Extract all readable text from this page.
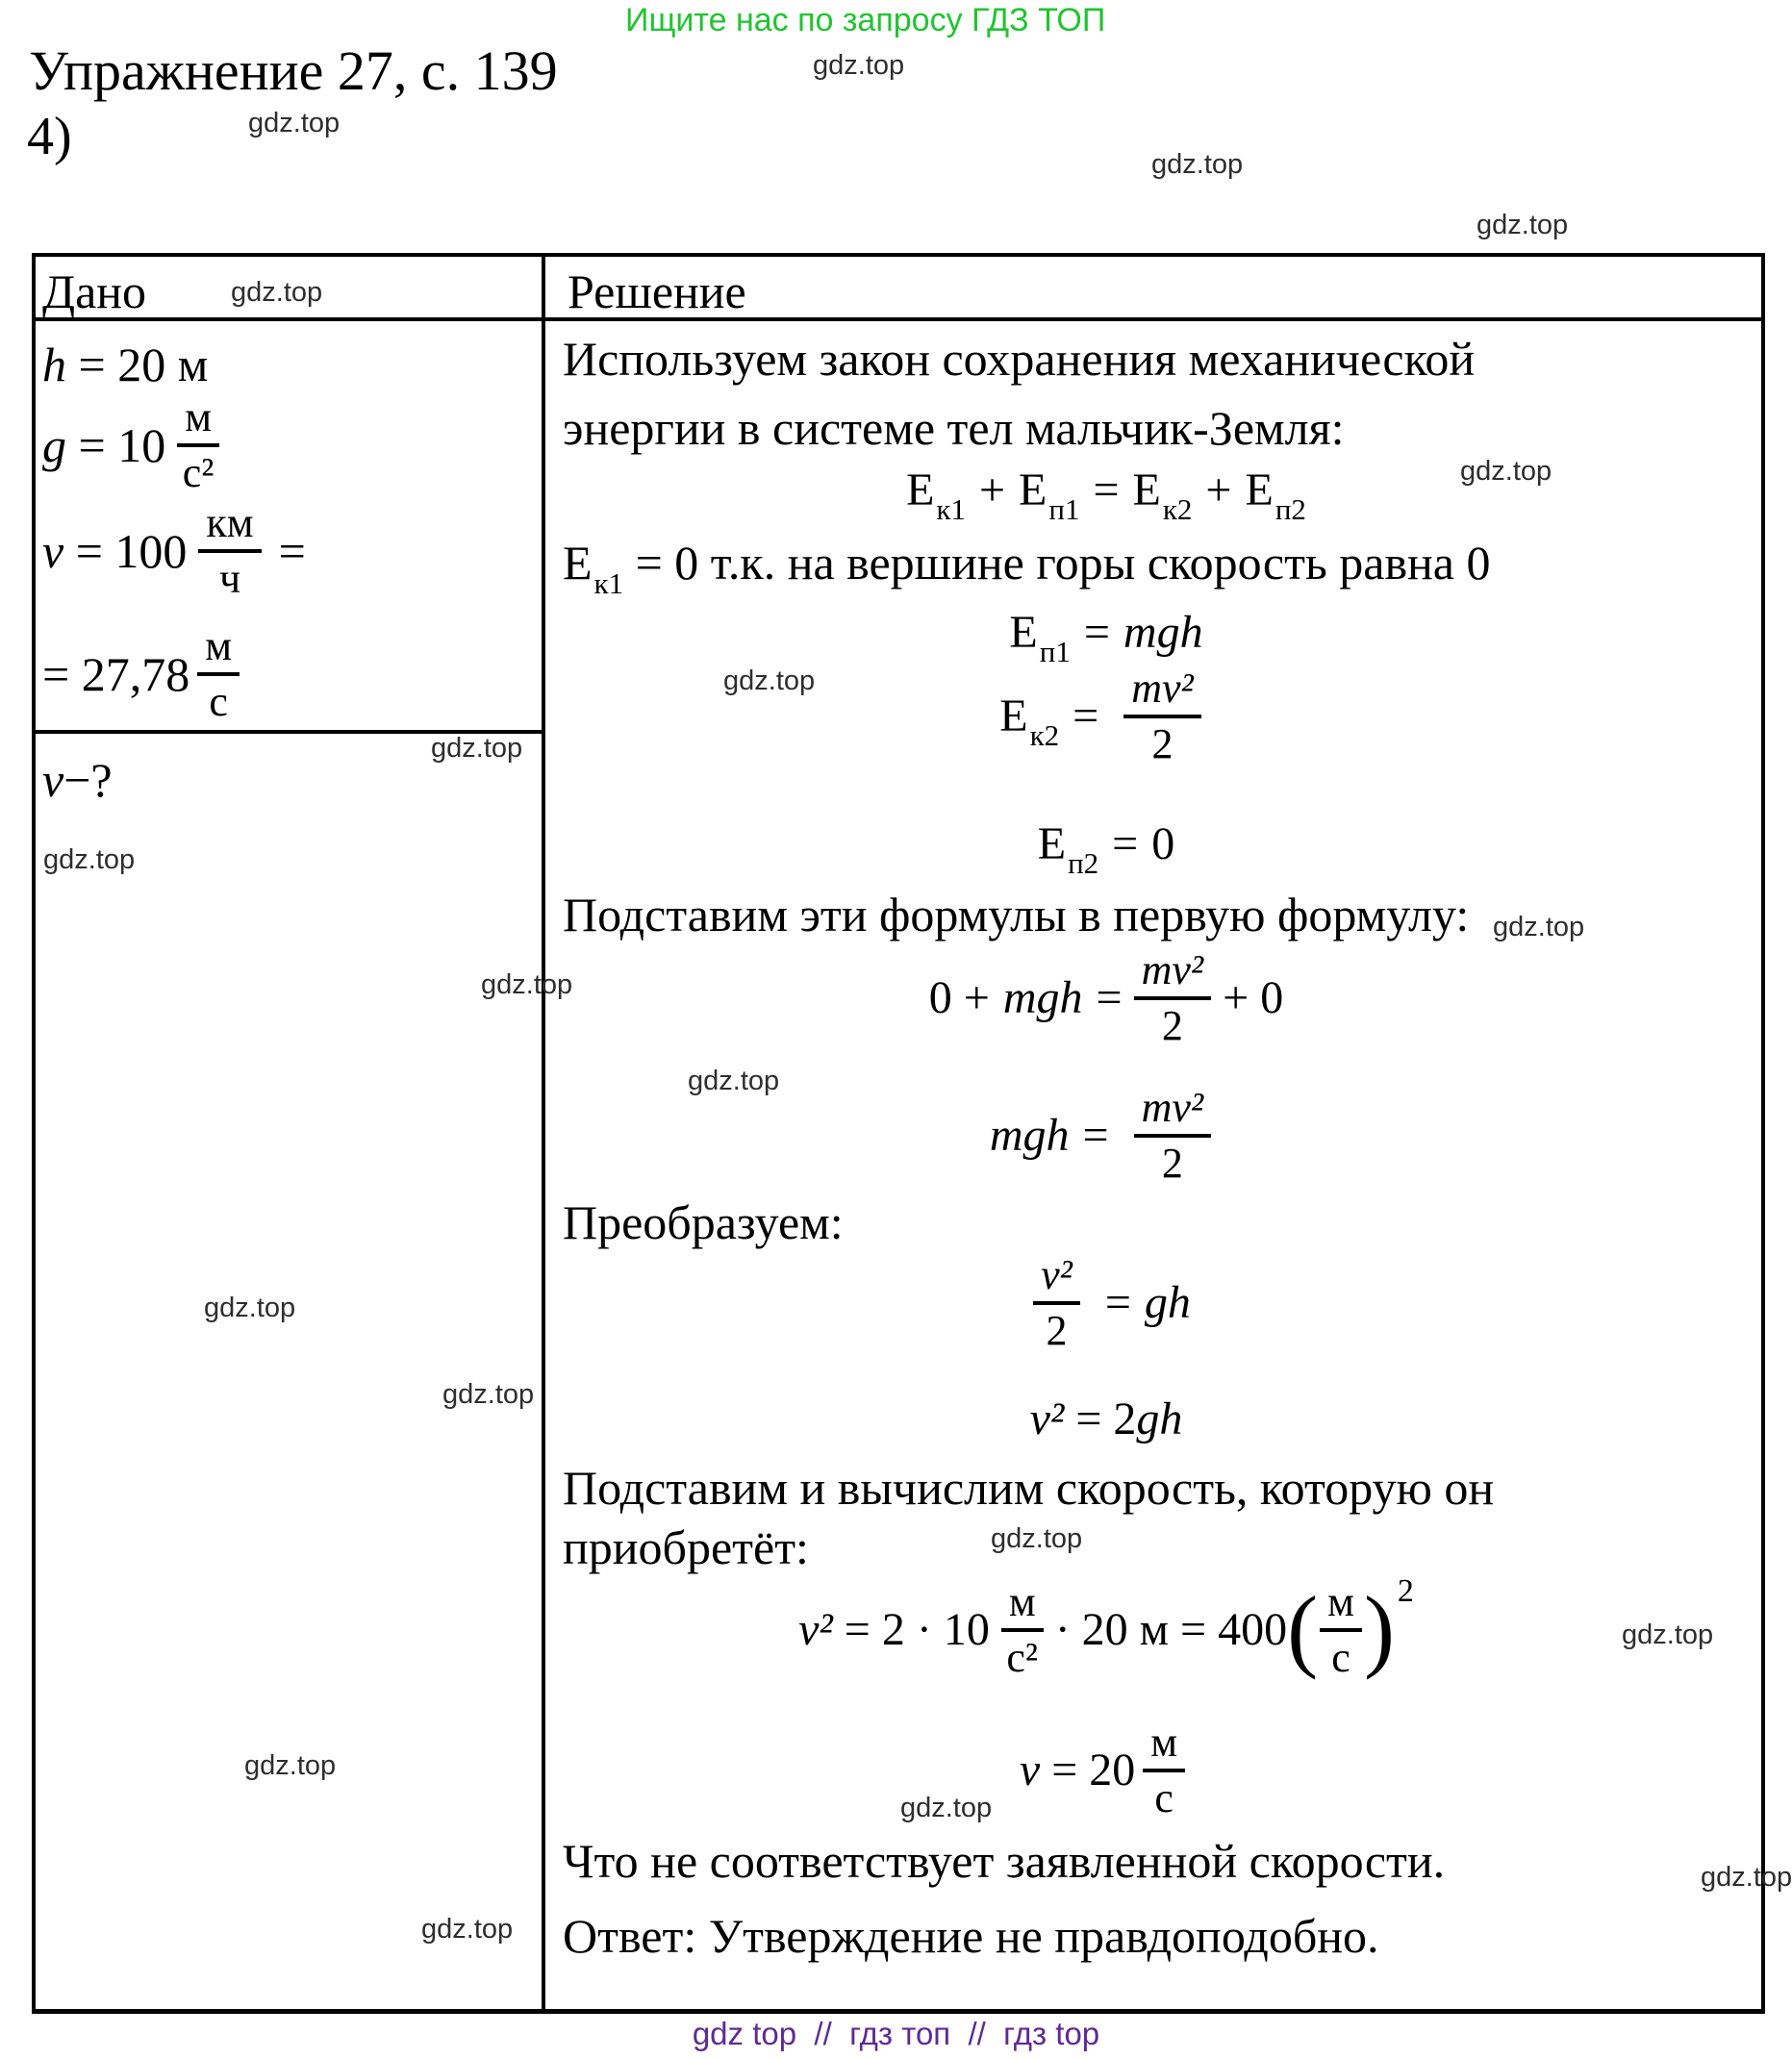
Ищите нас по запросу ГДЗ ТОП
Упражнение 27, с. 139
4)
Дано	Решение
h = 20 м
$g = 10 \frac{м}{\text{с²}}$
$v = 100 \frac{км}{ч}$ =
= $27,78 \frac{м}{с}$
v −?
Используем закон сохранения механической
энергии в системе тел мальчик-Земля:
$E_{к1} + E_{п1} = E_{к2} + E_{п2}$
$E_{к1} = 0$ т.к. на вершине горы скорость равна 0
$E_{п1}$ = mgh
$E_{к2} = \frac{\text{mv²}}{2}$
$E_{п2} = 0$
Подставим эти формулы в первую формулу:
0 + mgh = $\frac{\text{mv²}}{2} + 0$
mgh = $\frac{\text{mv²}}{2}$
Преобразуем:
$\frac{\text{v²}}{2}$ = gh
v² = 2 gh
Подставим и вычислим скорость, которую он
приобретёт:
$v^2 = 2 \cdot 10 \frac{м}{\text{с²}} \cdot 20$ м = 400 ( $\frac{м}{с}$ ) 2
$v = 20 \frac{м}{с}$
Что не соответствует заявленной скорости.
Ответ: Утверждение не правдоподобно.
gdz.top
gdz.top
gdz.top
gdz.top
gdz.top
gdz.top
gdz.top
gdz.top
gdz.top
gdz.top
gdz.top
gdz.top
gdz.top
gdz.top
gdz.top
gdz.top
gdz.top
gdz.top
gdz.top
gdz.top
gdz top  //  гдз топ  //  гдз top
